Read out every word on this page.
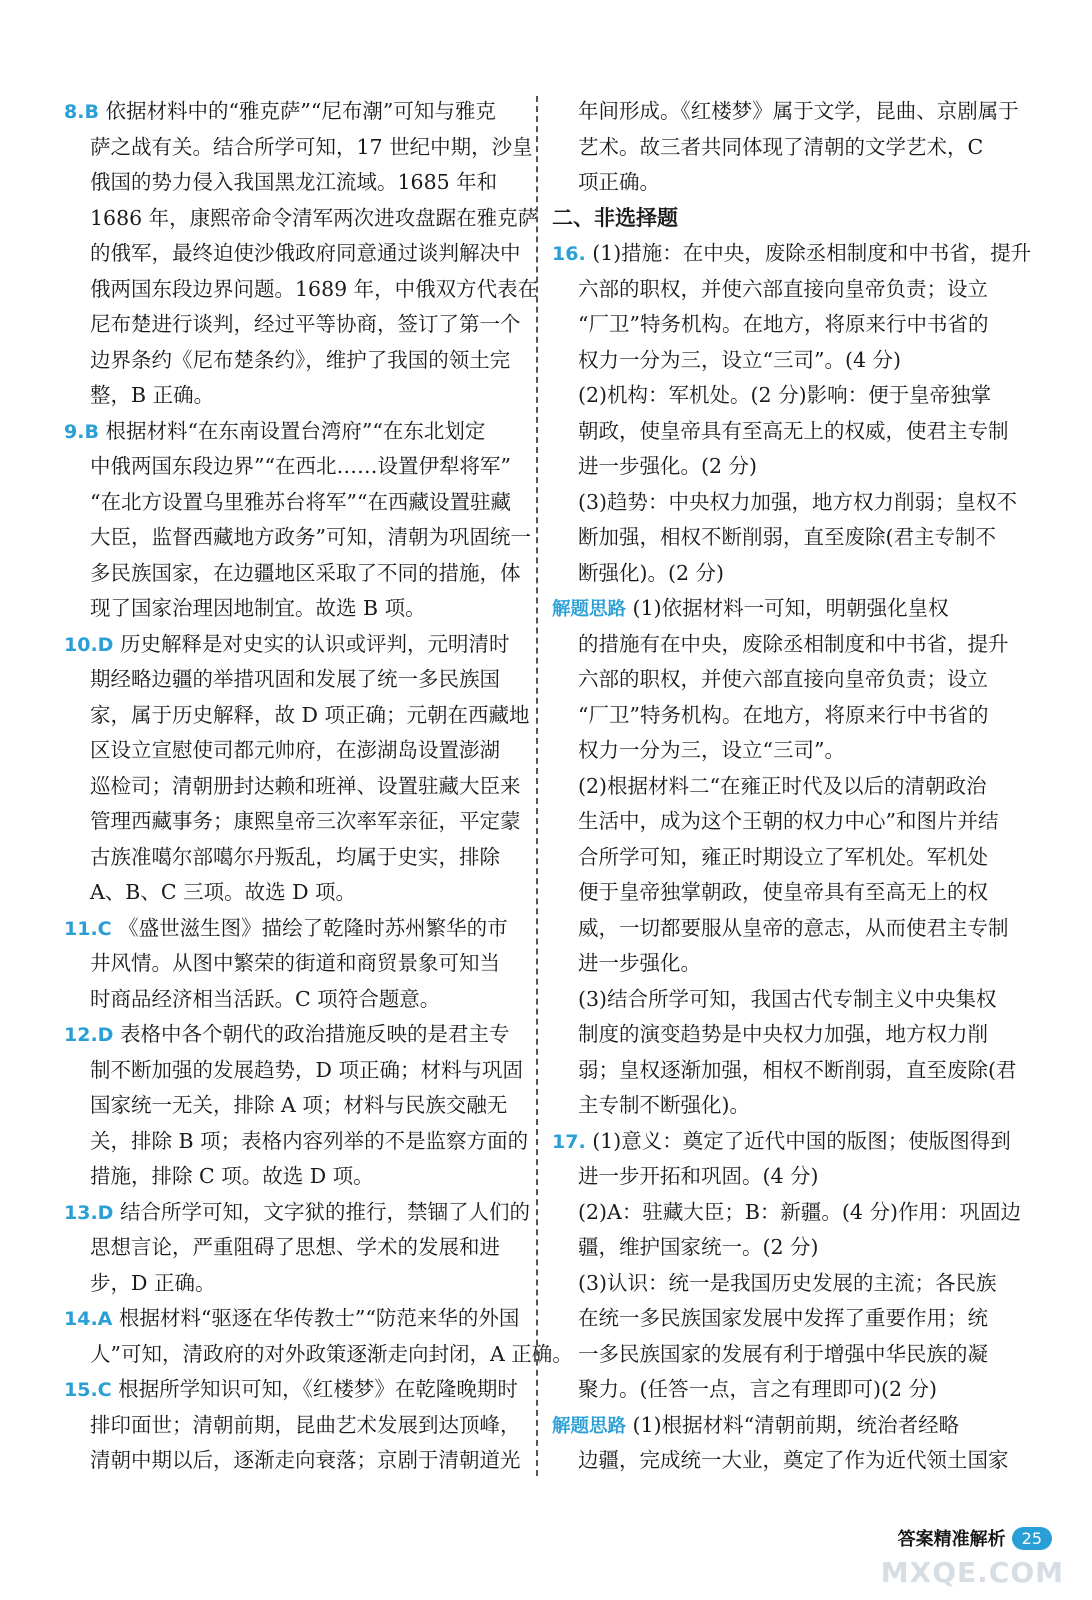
8.B 依据材料中的“雅克萨”“尼布潮”可知与雅克
萨之战有关。结合所学可知，17 世纪中期，沙皇
俄国的势力侵入我国黑龙江流域。1685 年和
1686 年，康熙帝命令清军两次进攻盘踞在雅克萨
的俄军，最终迫使沙俄政府同意通过谈判解决中
俄两国东段边界问题。1689 年，中俄双方代表在
尼布楚进行谈判，经过平等协商，签订了第一个
边界条约《尼布楚条约》，维护了我国的领土完
整，B 正确。
9.B 根据材料“在东南设置台湾府”“在东北划定
中俄两国东段边界”“在西北……设置伊犁将军”
“在北方设置乌里雅苏台将军”“在西藏设置驻藏
大臣，监督西藏地方政务”可知，清朝为巩固统一
多民族国家，在边疆地区采取了不同的措施，体
现了国家治理因地制宜。故选 B 项。
10.D 历史解释是对史实的认识或评判，元明清时
期经略边疆的举措巩固和发展了统一多民族国
家，属于历史解释，故 D 项正确；元朝在西藏地
区设立宣慰使司都元帅府，在澎湖岛设置澎湖
巡检司；清朝册封达赖和班禅、设置驻藏大臣来
管理西藏事务；康熙皇帝三次率军亲征，平定蒙
古族准噶尔部噶尔丹叛乱，均属于史实，排除
A、B、C 三项。故选 D 项。
11.C 《盛世滋生图》描绘了乾隆时苏州繁华的市
井风情。从图中繁荣的街道和商贸景象可知当
时商品经济相当活跃。C 项符合题意。
12.D 表格中各个朝代的政治措施反映的是君主专
制不断加强的发展趋势，D 项正确；材料与巩固
国家统一无关，排除 A 项；材料与民族交融无
关，排除 B 项；表格内容列举的不是监察方面的
措施，排除 C 项。故选 D 项。
13.D 结合所学可知，文字狱的推行，禁锢了人们的
思想言论，严重阻碍了思想、学术的发展和进
步，D 正确。
14.A 根据材料“驱逐在华传教士”“防范来华的外国
人”可知，清政府的对外政策逐渐走向封闭，A 正确。
15.C 根据所学知识可知，《红楼梦》在乾隆晚期时
排印面世；清朝前期，昆曲艺术发展到达顶峰，
清朝中期以后，逐渐走向衰落；京剧于清朝道光
年间形成。《红楼梦》属于文学，昆曲、京剧属于
艺术。故三者共同体现了清朝的文学艺术，C
项正确。
二、非选择题
16. (1)措施：在中央，废除丞相制度和中书省，提升
六部的职权，并使六部直接向皇帝负责；设立
“厂卫”特务机构。在地方，将原来行中书省的
权力一分为三，设立“三司”。(4 分)
(2)机构：军机处。(2 分)影响：便于皇帝独掌
朝政，使皇帝具有至高无上的权威，使君主专制
进一步强化。(2 分)
(3)趋势：中央权力加强，地方权力削弱；皇权不
断加强，相权不断削弱，直至废除(君主专制不
断强化)。(2 分)
解题思路 (1)依据材料一可知，明朝强化皇权
的措施有在中央，废除丞相制度和中书省，提升
六部的职权，并使六部直接向皇帝负责；设立
“厂卫”特务机构。在地方，将原来行中书省的
权力一分为三，设立“三司”。
(2)根据材料二“在雍正时代及以后的清朝政治
生活中，成为这个王朝的权力中心”和图片并结
合所学可知，雍正时期设立了军机处。军机处
便于皇帝独掌朝政，使皇帝具有至高无上的权
威，一切都要服从皇帝的意志，从而使君主专制
进一步强化。
(3)结合所学可知，我国古代专制主义中央集权
制度的演变趋势是中央权力加强，地方权力削
弱；皇权逐渐加强，相权不断削弱，直至废除(君
主专制不断强化)。
17. (1)意义：奠定了近代中国的版图；使版图得到
进一步开拓和巩固。(4 分)
(2)A：驻藏大臣；B：新疆。(4 分)作用：巩固边
疆，维护国家统一。(2 分)
(3)认识：统一是我国历史发展的主流；各民族
在统一多民族国家发展中发挥了重要作用；统
一多民族国家的发展有利于增强中华民族的凝
聚力。(任答一点，言之有理即可)(2 分)
解题思路 (1)根据材料“清朝前期，统治者经略
边疆，完成统一大业，奠定了作为近代领土国家
答案精准解析	25
MXQE.COM
